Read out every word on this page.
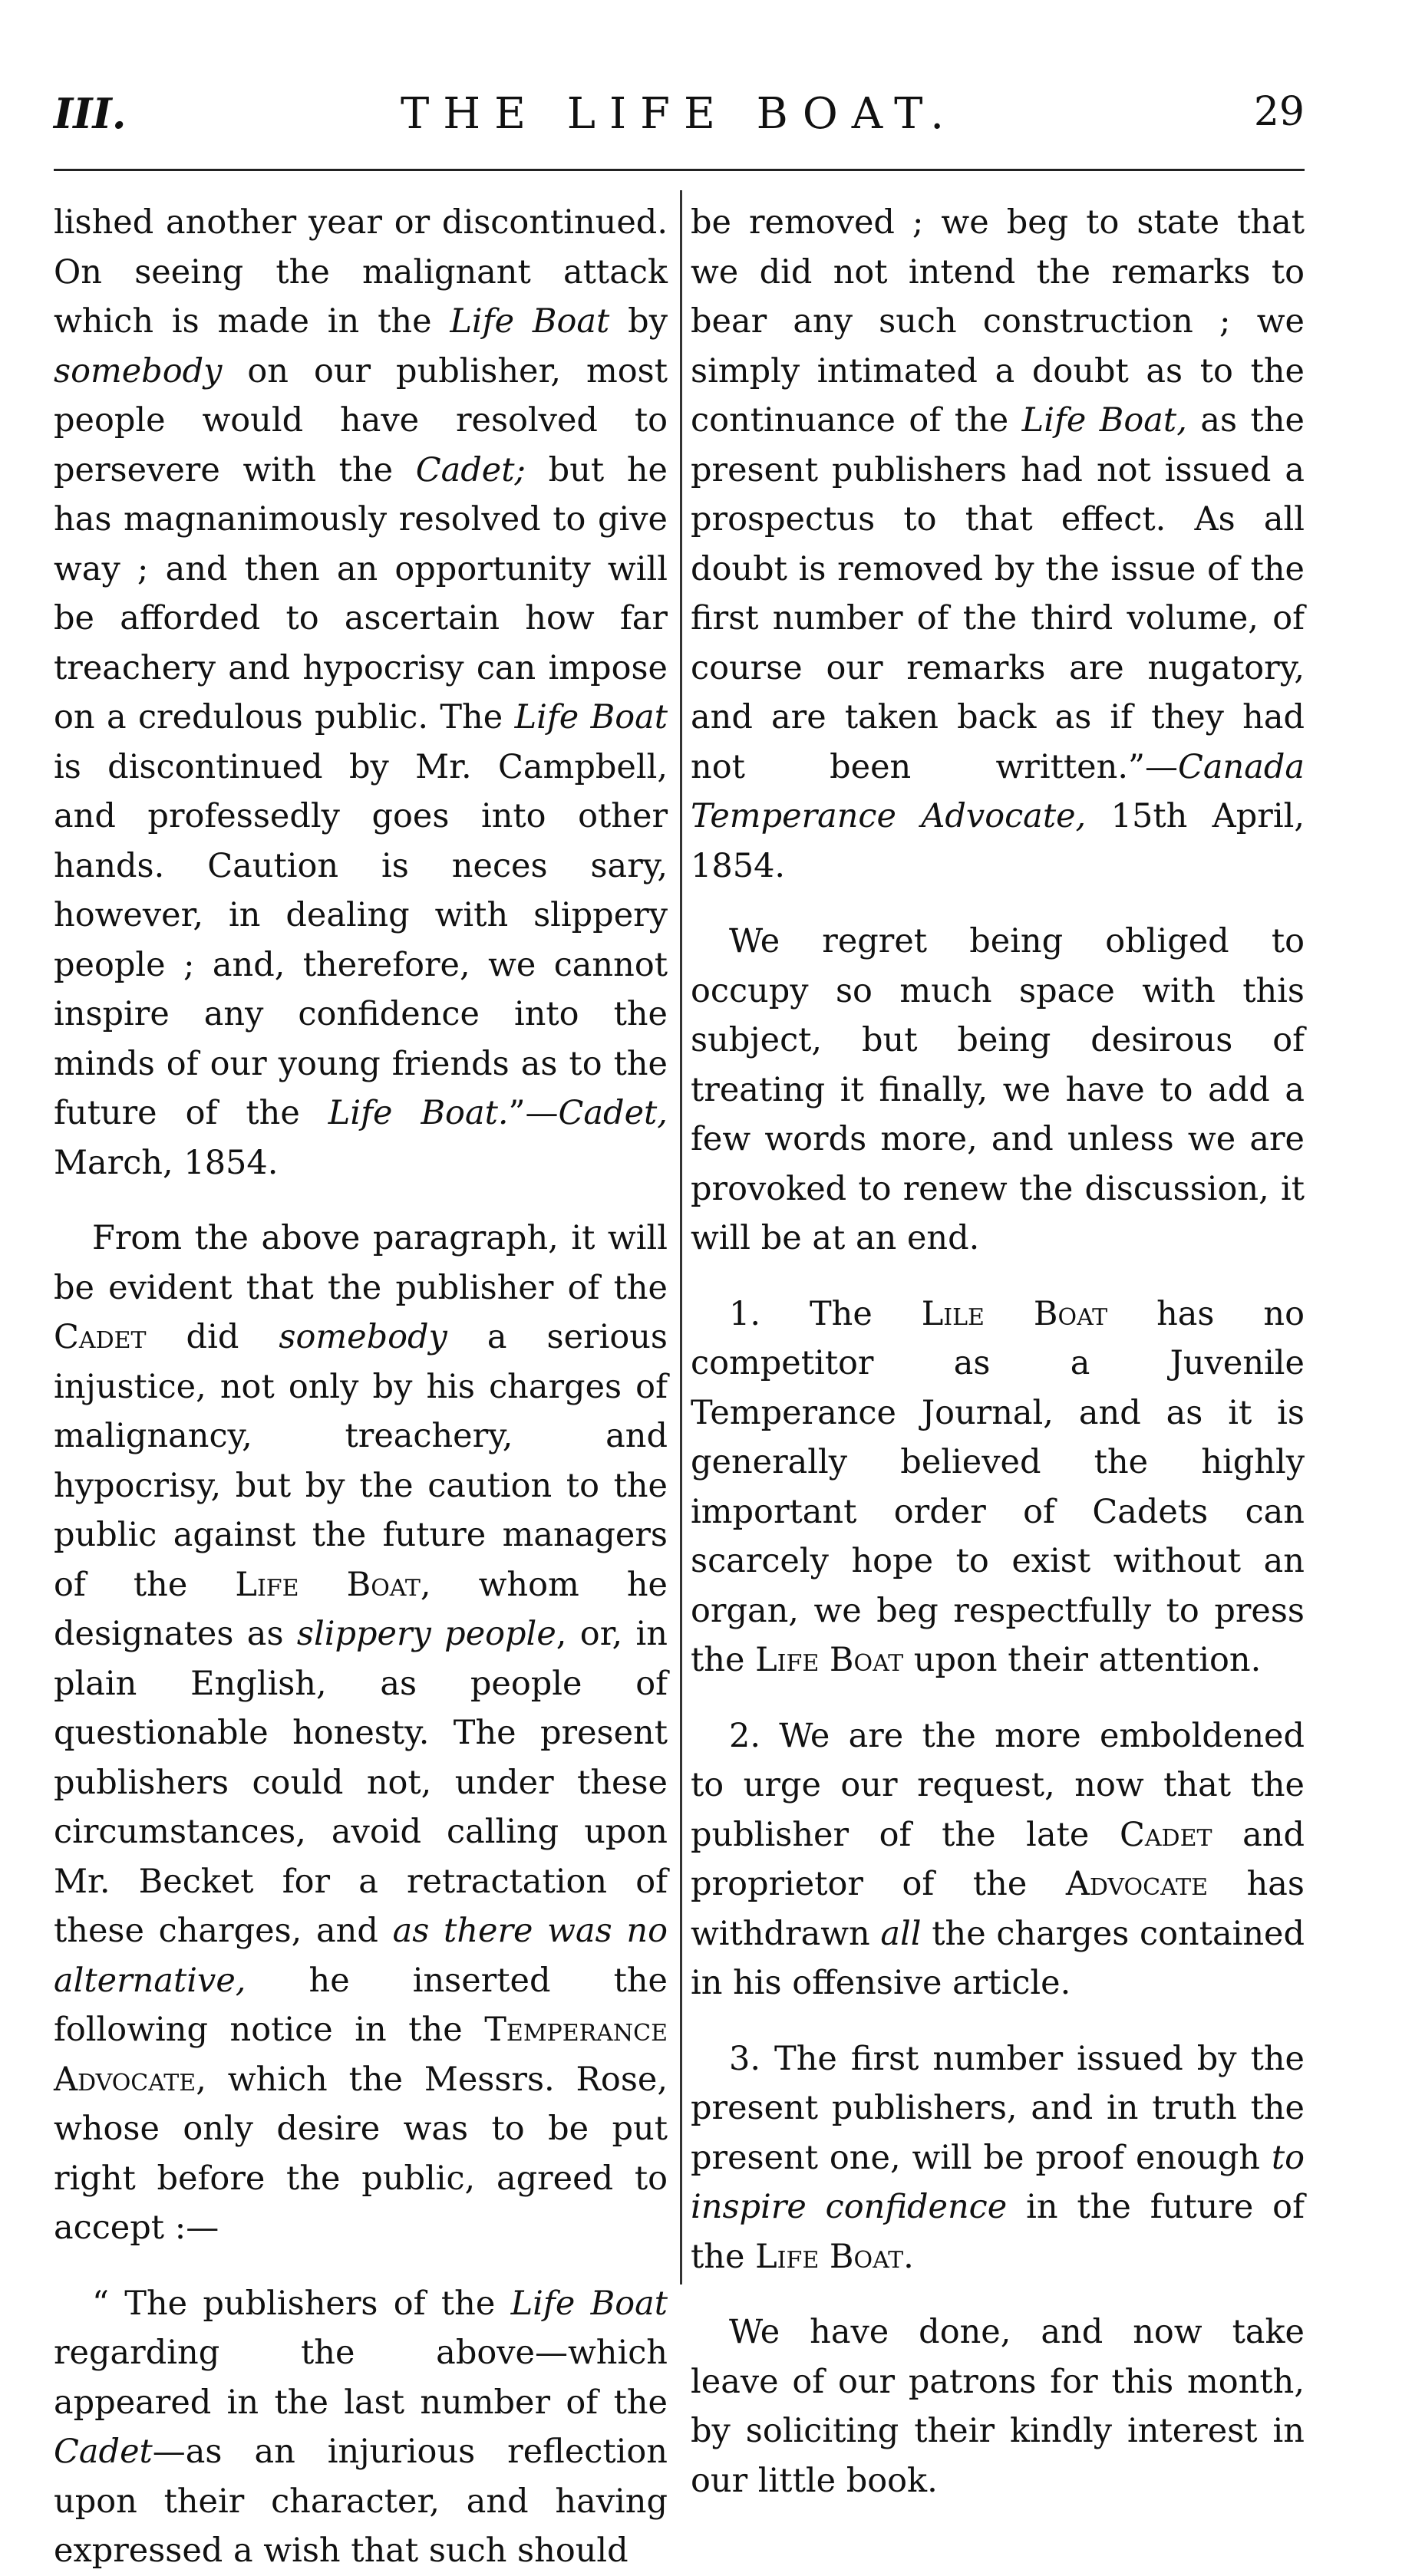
III.	THE LIFE BOAT.	29

lished another year or discontinued. On seeing the malignant attack which is made in the Life Boat by somebody on our publisher, most people would have resolved to persevere with the Cadet; but he has magnanimously resolved to give way ; and then an opportunity will be afforded to ascertain how far treachery and hypocrisy can impose on a credulous public. The Life Boat is discontinued by Mr. Campbell, and professedly goes into other hands. Caution is neces sary, however, in dealing with slippery people ; and, therefore, we cannot inspire any confidence into the minds of our young friends as to the future of the Life Boat.”—Cadet, March, 1854.

From the above paragraph, it will be evident that the publisher of the Cadet did somebody a serious injustice, not only by his charges of malignancy, treachery, and hypocrisy, but by the caution to the public against the future managers of the Life Boat, whom he designates as slippery people, or, in plain English, as people of questionable honesty. The present publishers could not, under these circumstances, avoid calling upon Mr. Becket for a retractation of these charges, and as there was no alternative, he inserted the following notice in the Temperance Advocate, which the Messrs. Rose, whose only desire was to be put right before the public, agreed to accept :—

“ The publishers of the Life Boat regarding the above—which appeared in the last number of the Cadet—as an injurious reflection upon their character, and having expressed a wish that such should

be removed ; we beg to state that we did not intend the remarks to bear any such construction ; we simply intimated a doubt as to the continuance of the Life Boat, as the present publishers had not issued a prospectus to that effect. As all doubt is removed by the issue of the first number of the third volume, of course our remarks are nugatory, and are taken back as if they had not been written.”—Canada Temperance Advocate, 15th April, 1854.

We regret being obliged to occupy so much space with this subject, but being desirous of treating it finally, we have to add a few words more, and unless we are provoked to renew the discussion, it will be at an end.

1. The Lile Boat has no competitor as a Juvenile Temperance Journal, and as it is generally believed the highly important order of Cadets can scarcely hope to exist without an organ, we beg respectfully to press the Life Boat upon their attention.

2. We are the more emboldened to urge our request, now that the publisher of the late Cadet and proprietor of the Advocate has withdrawn all the charges contained in his offensive article.

3. The first number issued by the present publishers, and in truth the present one, will be proof enough to inspire confidence in the future of the Life Boat.

We have done, and now take leave of our patrons for this month, by soliciting their kindly interest in our little book.
